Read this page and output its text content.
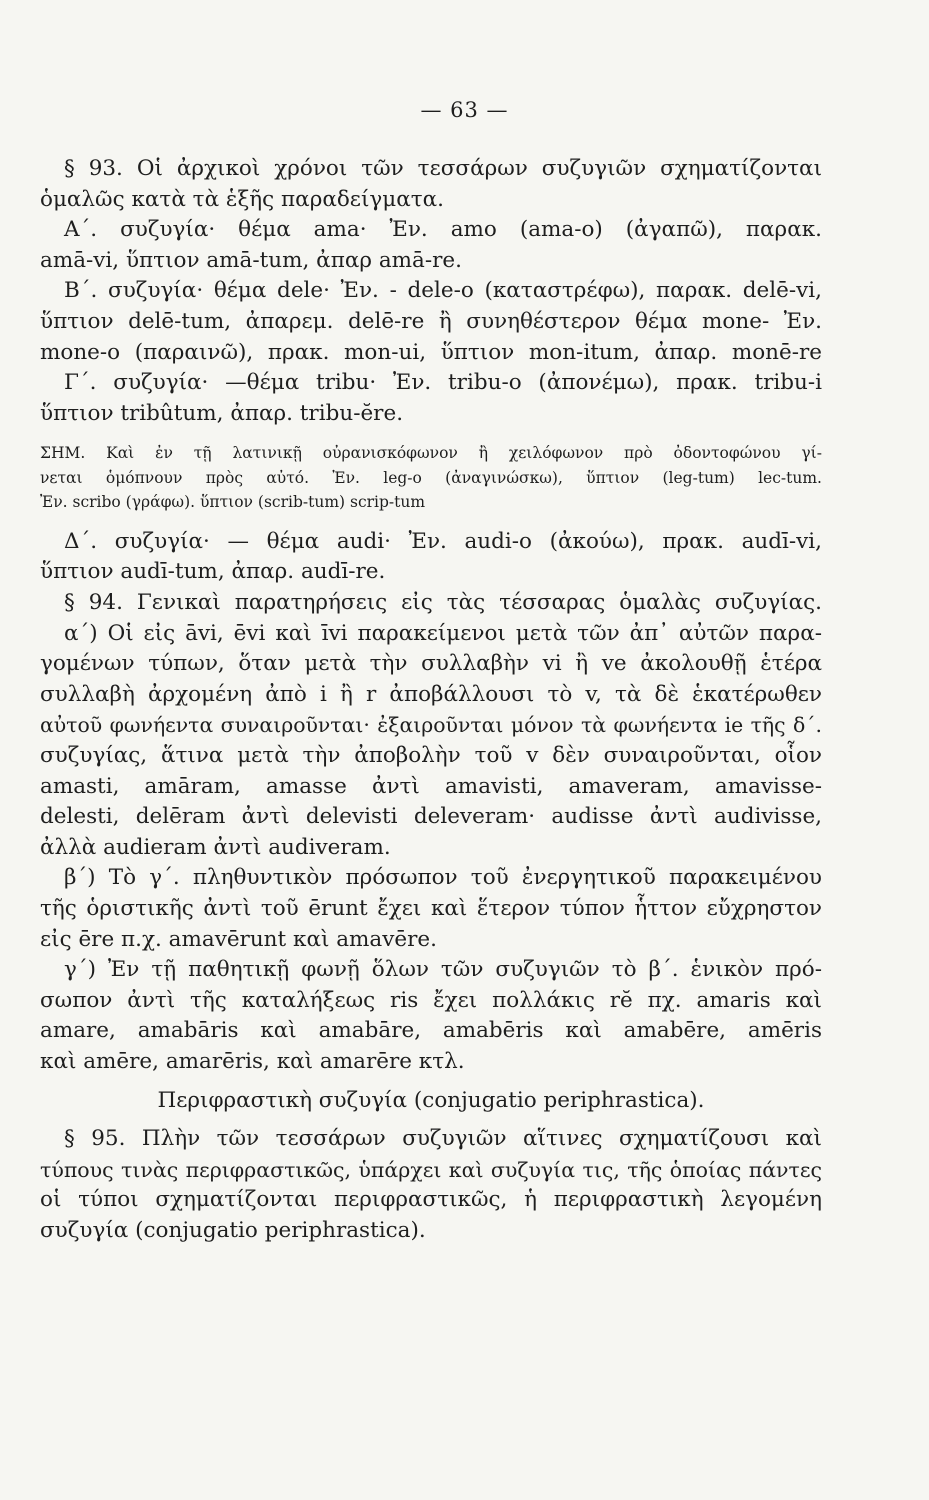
— 63 —
§ 93. Οἱ ἀρχικοὶ χρόνοι τῶν τεσσάρων συζυγιῶν σχηματίζονται
ὁμαλῶς κατὰ τὰ ἑξῆς παραδείγματα.
Α΄. συζυγία· θέμα ama· Ἐν. amo (ama-o) (ἀγαπῶ), παρακ.
amā-vi, ὕπτιον amā-tum, ἀπαρ amā-re.
Β΄. συζυγία· θέμα dele· Ἐν. - dele-o (καταστρέφω), παρακ. delē-vi,
ὕπτιον delē-tum, ἀπαρεμ. delē-re ἢ συνηθέστερον θέμα mone- Ἐν.
mone-o (παραινῶ), πρακ. mon-ui, ὕπτιον mon-itum, ἀπαρ. monē-re
Γ΄. συζυγία· —θέμα tribu· Ἐν. tribu-o (ἀπονέμω), πρακ. tribu-i
ὕπτιον tribûtum, ἀπαρ. tribu-ĕre.
ΣΗΜ. Καὶ ἐν τῇ λατινικῇ οὐρανισκόφωνον ἢ χειλόφωνον πρὸ ὀδοντοφώνου γί-
νεται ὁμόπνουν πρὸς αὐτό. Ἐν. leg-o (ἀναγινώσκω), ὕπτιον (leg-tum) lec-tum.
Ἐν. scribo (γράφω). ὕπτιον (scrib-tum) scrip-tum
Δ΄. συζυγία· — θέμα audi· Ἐν. audi-o (ἀκούω), πρακ. audī-vi,
ὕπτιον audī-tum, ἀπαρ. audī-re.
§ 94. Γενικαὶ παρατηρήσεις εἰς τὰς τέσσαρας ὁμαλὰς συζυγίας.
α΄) Οἱ εἰς āvi, ēvi καὶ īvi παρακείμενοι μετὰ τῶν ἀπ᾽ αὐτῶν παρα-
γομένων τύπων, ὅταν μετὰ τὴν συλλαβὴν vi ἢ ve ἀκολουθῇ ἑτέρα
συλλαβὴ ἀρχομένη ἀπὸ i ἢ r ἀποβάλλουσι τὸ v, τὰ δὲ ἑκατέρωθεν
αὐτοῦ φωνήεντα συναιροῦνται· ἐξαιροῦνται μόνον τὰ φωνήεντα ie τῆς δ΄.
συζυγίας, ἅτινα μετὰ τὴν ἀποβολὴν τοῦ v δὲν συναιροῦνται, οἷον
amasti, amāram, amasse ἀντὶ amavisti, amaveram, amavisse-
delesti, delēram ἀντὶ delevisti deleveram· audisse ἀντὶ audivisse,
ἀλλὰ audieram ἀντὶ audiveram.
β΄) Τὸ γ΄. πληθυντικὸν πρόσωπον τοῦ ἐνεργητικοῦ παρακειμένου
τῆς ὁριστικῆς ἀντὶ τοῦ ērunt ἔχει καὶ ἕτερον τύπον ἧττον εὔχρηστον
εἰς ēre π.χ. amavērunt καὶ amavēre.
γ΄) Ἐν τῇ παθητικῇ φωνῇ ὅλων τῶν συζυγιῶν τὸ β΄. ἑνικὸν πρό-
σωπον ἀντὶ τῆς καταλήξεως ris ἔχει πολλάκις rĕ πχ. amaris καὶ
amare, amabāris καὶ amabāre, amabēris καὶ amabēre, amēris
καὶ amēre, amarēris, καὶ amarēre κτλ.
Περιφραστικὴ συζυγία (conjugatio periphrastica).
§ 95. Πλὴν τῶν τεσσάρων συζυγιῶν αἵτινες σχηματίζουσι καὶ
τύπους τινὰς περιφραστικῶς, ὑπάρχει καὶ συζυγία τις, τῆς ὁποίας πάντες
οἱ τύποι σχηματίζονται περιφραστικῶς, ἡ περιφραστικὴ λεγομένη
συζυγία (conjugatio periphrastica).
